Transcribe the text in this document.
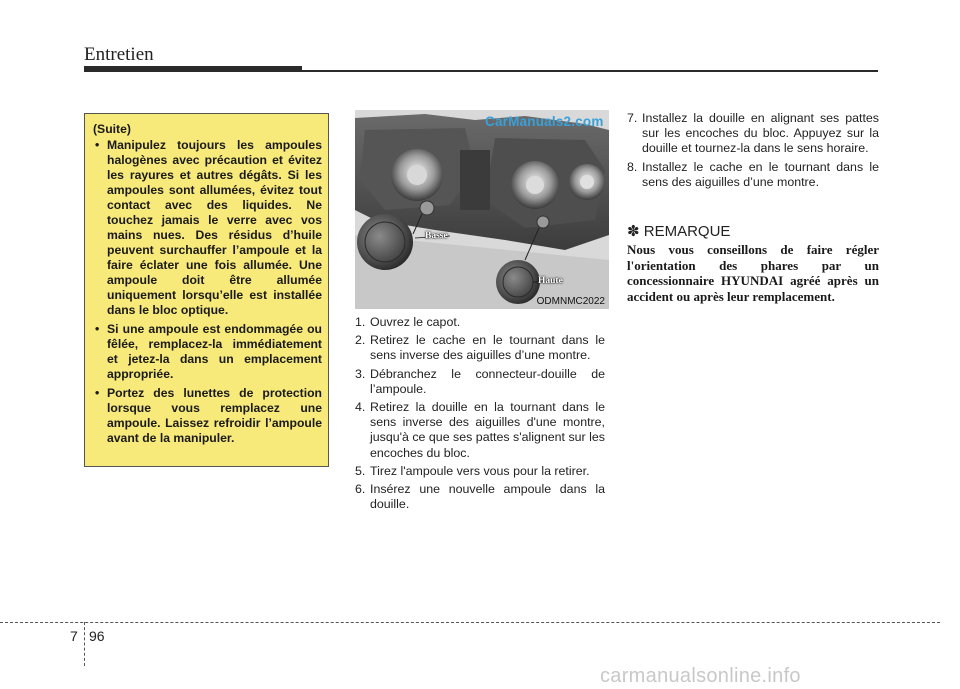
Entretien
(Suite)
• Manipulez toujours les ampoules halogènes avec précaution et évitez les rayures et autres dégâts. Si les ampoules sont allumées, évitez tout contact avec des liquides. Ne touchez jamais le verre avec vos mains nues. Des résidus d’huile peuvent surchauffer l’ampoule et la faire éclater une fois allumée. Une ampoule doit être allumée uniquement lorsqu’elle est installée dans le bloc optique.
• Si une ampoule est endommagée ou fêlée, remplacez-la immédiatement et jetez-la dans un emplacement appropriée.
• Portez des lunettes de protection lorsque vous remplacez une ampoule. Laissez refroidir l’ampoule avant de la manipuler.
CarManuals2.com
Basse
Haute
ODMNMC2022
1. Ouvrez le capot.
2. Retirez le cache en le tournant dans le sens inverse des aiguilles d’une montre.
3. Débranchez le connecteur-douille de l’ampoule.
4. Retirez la douille en la tournant dans le sens inverse des aiguilles d'une montre, jusqu'à ce que ses pattes s'alignent sur les encoches du bloc.
5. Tirez l'ampoule vers vous pour la retirer.
6. Insérez une nouvelle ampoule dans la douille.
7. Installez la douille en alignant ses pattes sur les encoches du bloc. Appuyez sur la douille et tournez-la dans le sens horaire.
8. Installez le cache en le tournant dans le sens des aiguilles d’une montre.
✽ REMARQUE
Nous vous conseillons de faire régler l'orientation des phares par un concessionnaire HYUNDAI agréé après un accident ou après leur remplacement.
7 96
carmanualsonline.info
